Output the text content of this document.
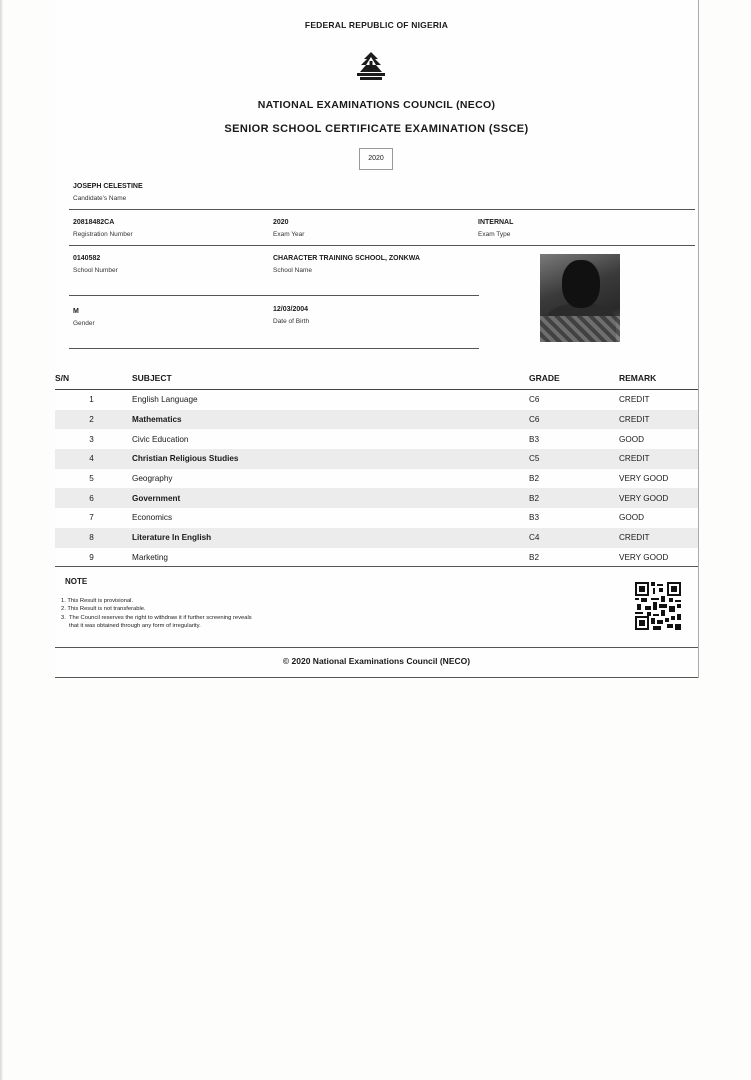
FEDERAL REPUBLIC OF NIGERIA
NATIONAL EXAMINATIONS COUNCIL (NECO)
SENIOR SCHOOL CERTIFICATE EXAMINATION (SSCE)
2020
JOSEPH CELESTINE
Candidate's Name
20818482CA
Registration Number
2020
Exam Year
INTERNAL
Exam Type
0140582
School Number
CHARACTER TRAINING SCHOOL, ZONKWA
School Name
M
Gender
12/03/2004
Date of Birth
S/N	SUBJECT	GRADE	REMARK
1	English Language	C6	CREDIT
2	Mathematics	C6	CREDIT
3	Civic Education	B3	GOOD
4	Christian Religious Studies	C5	CREDIT
5	Geography	B2	VERY GOOD
6	Government	B2	VERY GOOD
7	Economics	B3	GOOD
8	Literature In English	C4	CREDIT
9	Marketing	B2	VERY GOOD
NOTE
1. This Result is provisional.
2. This Result is not transferable.
3.  The Council reserves the right to withdraw it if further screening reveals
that it was obtained through any form of irregularity.
© 2020 National Examinations Council (NECO)
